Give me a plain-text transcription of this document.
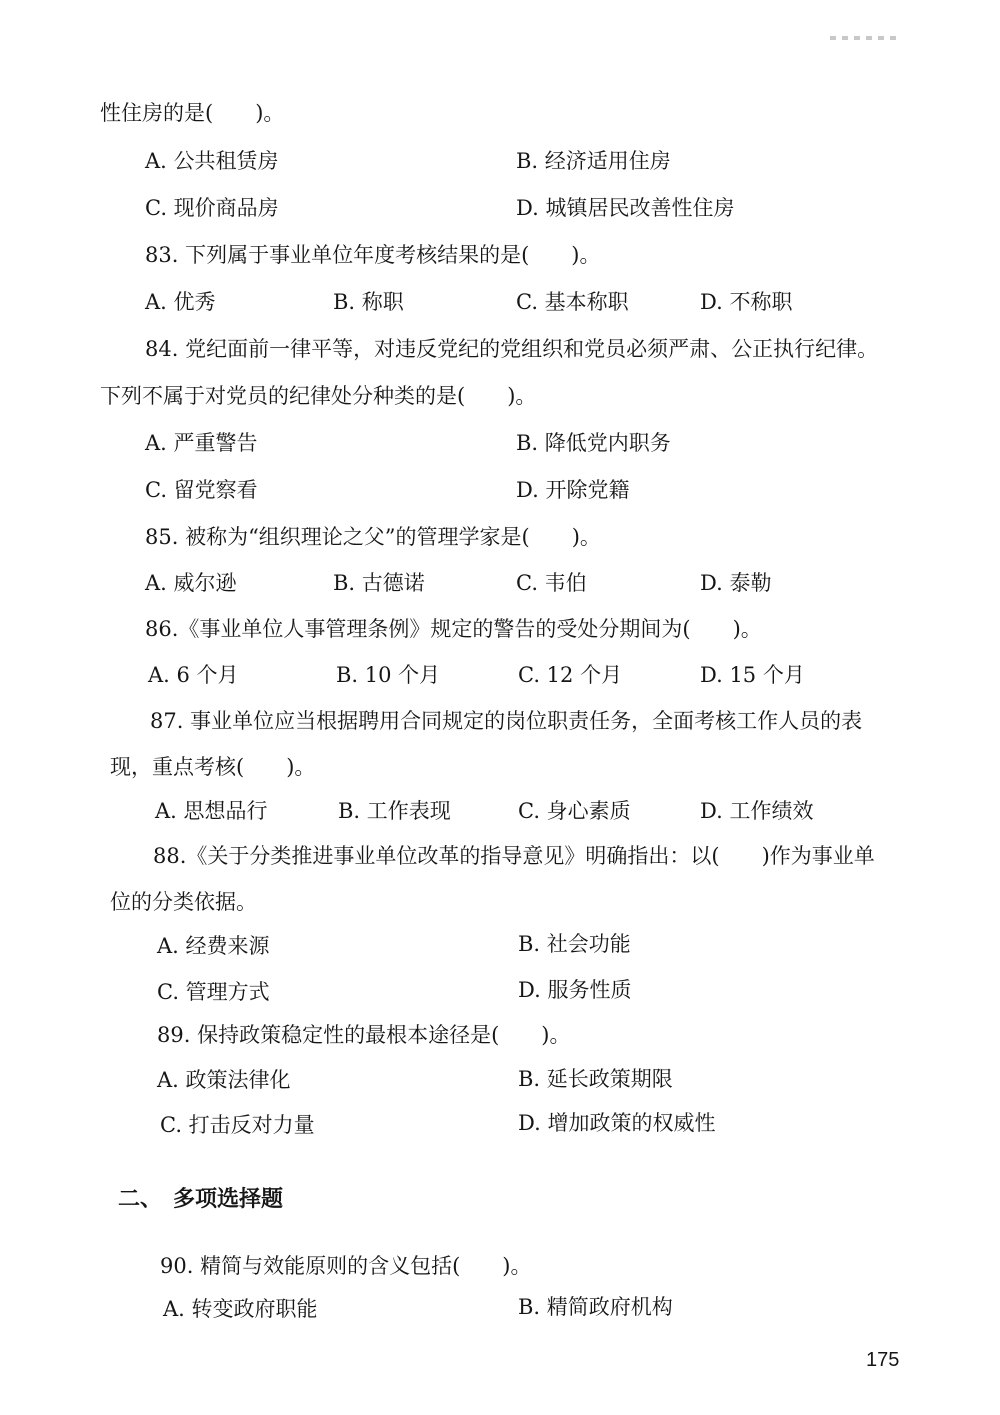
性住房的是(　　)。
A. 公共租赁房	B. 经济适用住房
C. 现价商品房	D. 城镇居民改善性住房
83. 下列属于事业单位年度考核结果的是(　　)。
A. 优秀	B. 称职	C. 基本称职	D. 不称职
84. 党纪面前一律平等，对违反党纪的党组织和党员必须严肃、公正执行纪律。
下列不属于对党员的纪律处分种类的是(　　)。
A. 严重警告	B. 降低党内职务
C. 留党察看	D. 开除党籍
85. 被称为“组织理论之父”的管理学家是(　　)。
A. 威尔逊	B. 古德诺	C. 韦伯	D. 泰勒
86.《事业单位人事管理条例》规定的警告的受处分期间为(　　)。
A. 6 个月	B. 10 个月	C. 12 个月	D. 15 个月
87. 事业单位应当根据聘用合同规定的岗位职责任务，全面考核工作人员的表
现，重点考核(　　)。
A. 思想品行	B. 工作表现	C. 身心素质	D. 工作绩效
88.《关于分类推进事业单位改革的指导意见》明确指出：以(　　)作为事业单
位的分类依据。
A. 经费来源	B. 社会功能
C. 管理方式	D. 服务性质
89. 保持政策稳定性的最根本途径是(　　)。
A. 政策法律化	B. 延长政策期限
C. 打击反对力量	D. 增加政策的权威性
二、　多项选择题
90. 精简与效能原则的含义包括(　　)。
A. 转变政府职能	B. 精简政府机构
175
